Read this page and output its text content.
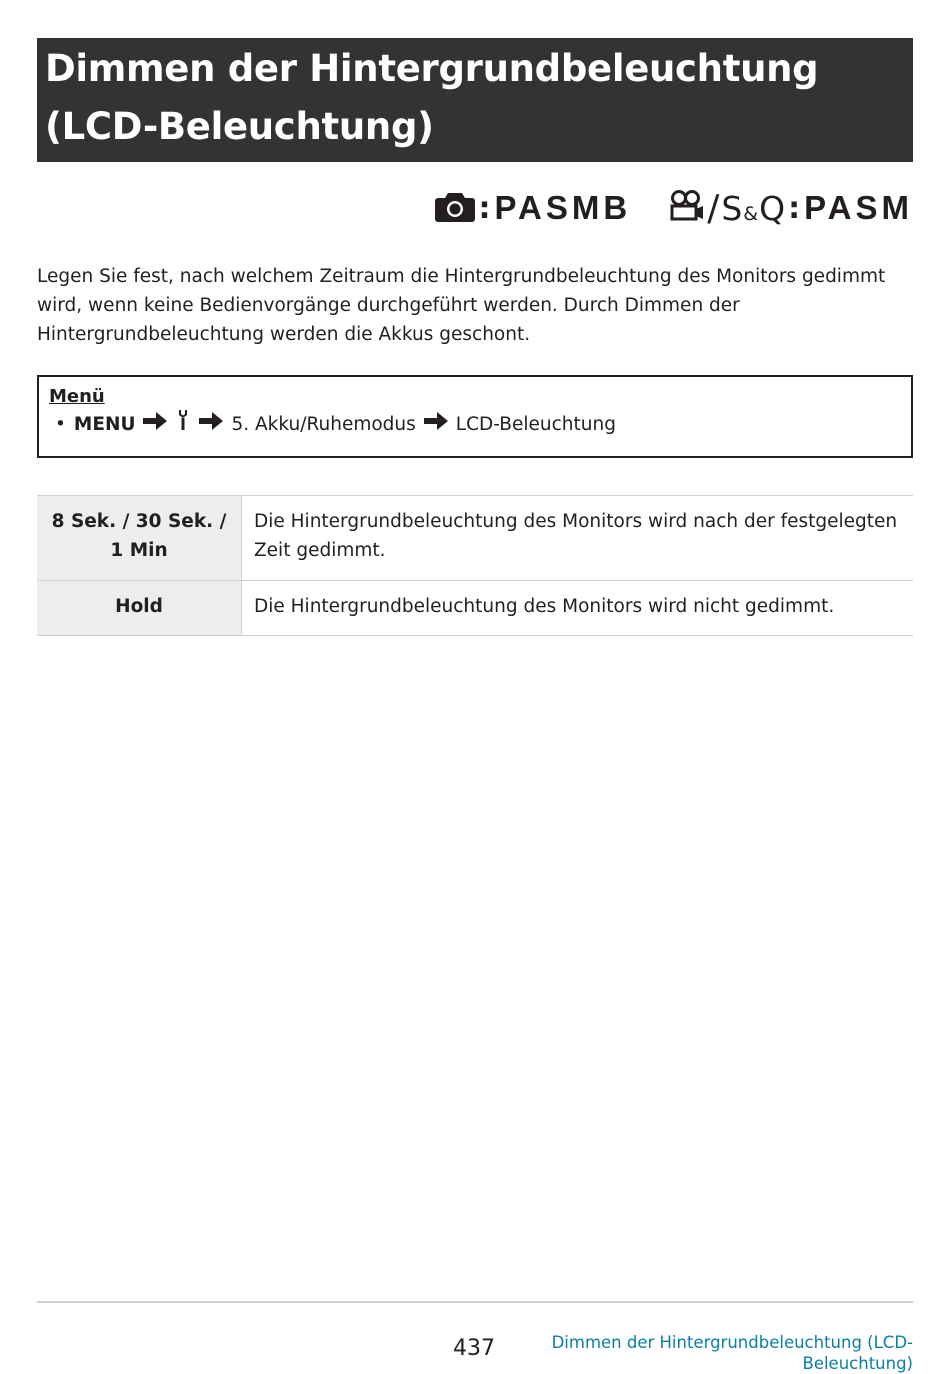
Dimmen der Hintergrundbeleuchtung (LCD-Beleuchtung)
: PASMB / S & Q : PASM

Legen Sie fest, nach welchem Zeitraum die Hintergrundbeleuchtung des Monitors gedimmt wird, wenn keine Bedienvorgänge durchgeführt werden. Durch Dimmen der Hintergrundbeleuchtung werden die Akkus geschont.

Menü
• MENU	5. Akku/Ruhemodus LCD-Beleuchtung
8 Sek. / 30 Sek. / 1 Min	Die Hintergrundbeleuchtung des Monitors wird nach der festgelegten Zeit gedimmt.
Hold	Die Hintergrundbeleuchtung des Monitors wird nicht gedimmt.
437	Dimmen der Hintergrundbeleuchtung (LCD-Beleuchtung)
